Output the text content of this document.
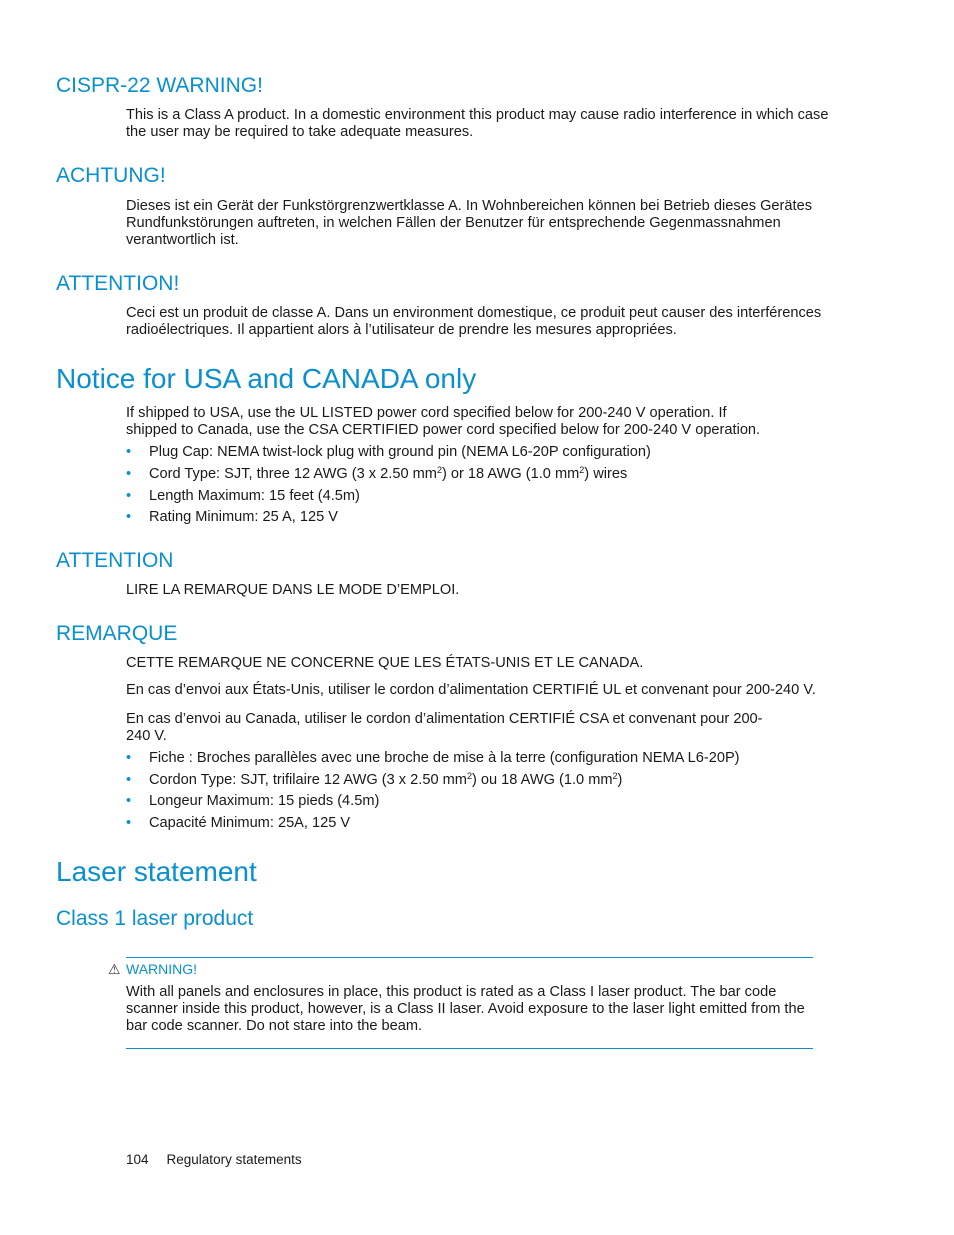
CISPR-22 WARNING!

This is a Class A product. In a domestic environment this product may cause radio interference in which case the user may be required to take adequate measures.

ACHTUNG!

Dieses ist ein Gerät der Funkstörgrenzwertklasse A. In Wohnbereichen können bei Betrieb dieses Gerätes Rundfunkstörungen auftreten, in welchen Fällen der Benutzer für entsprechende Gegenmassnahmen verantwortlich ist.

ATTENTION!

Ceci est un produit de classe A. Dans un environment domestique, ce produit peut causer des interférences radioélectriques. Il appartient alors à l’utilisateur de prendre les mesures appropriées.

Notice for USA and CANADA only

If shipped to USA, use the UL LISTED power cord specified below for 200-240 V operation. If shipped to Canada, use the CSA CERTIFIED power cord specified below for 200-240 V operation.

• Plug Cap: NEMA twist-lock plug with ground pin (NEMA L6-20P configuration)
• Cord Type: SJT, three 12 AWG (3 x 2.50 $mm^2$) or 18 AWG (1.0 $mm^2$) wires
• Length Maximum: 15 feet (4.5m)
• Rating Minimum: 25 A, 125 V
ATTENTION

LIRE LA REMARQUE DANS LE MODE D’EMPLOI.

REMARQUE

CETTE REMARQUE NE CONCERNE QUE LES ÉTATS-UNIS ET LE CANADA.

En cas d’envoi aux États-Unis, utiliser le cordon d’alimentation CERTIFIÉ UL et convenant pour 200-240 V.

En cas d’envoi au Canada, utiliser le cordon d’alimentation CERTIFIÉ CSA et convenant pour 200-240 V.

• Fiche : Broches parallèles avec une broche de mise à la terre (configuration NEMA L6-20P)
• Cordon Type: SJT, trifilaire 12 AWG (3 x 2.50 $mm^2$) ou 18 AWG (1.0 $mm^2$)
• Longeur Maximum: 15 pieds (4.5m)
• Capacité Minimum: 25A, 125 V
Laser statement
Class 1 laser product
⚠ WARNING!

With all panels and enclosures in place, this product is rated as a Class I laser product. The bar code scanner inside this product, however, is a Class II laser. Avoid exposure to the laser light emitted from the bar code scanner. Do not stare into the beam.

104 Regulatory statements
